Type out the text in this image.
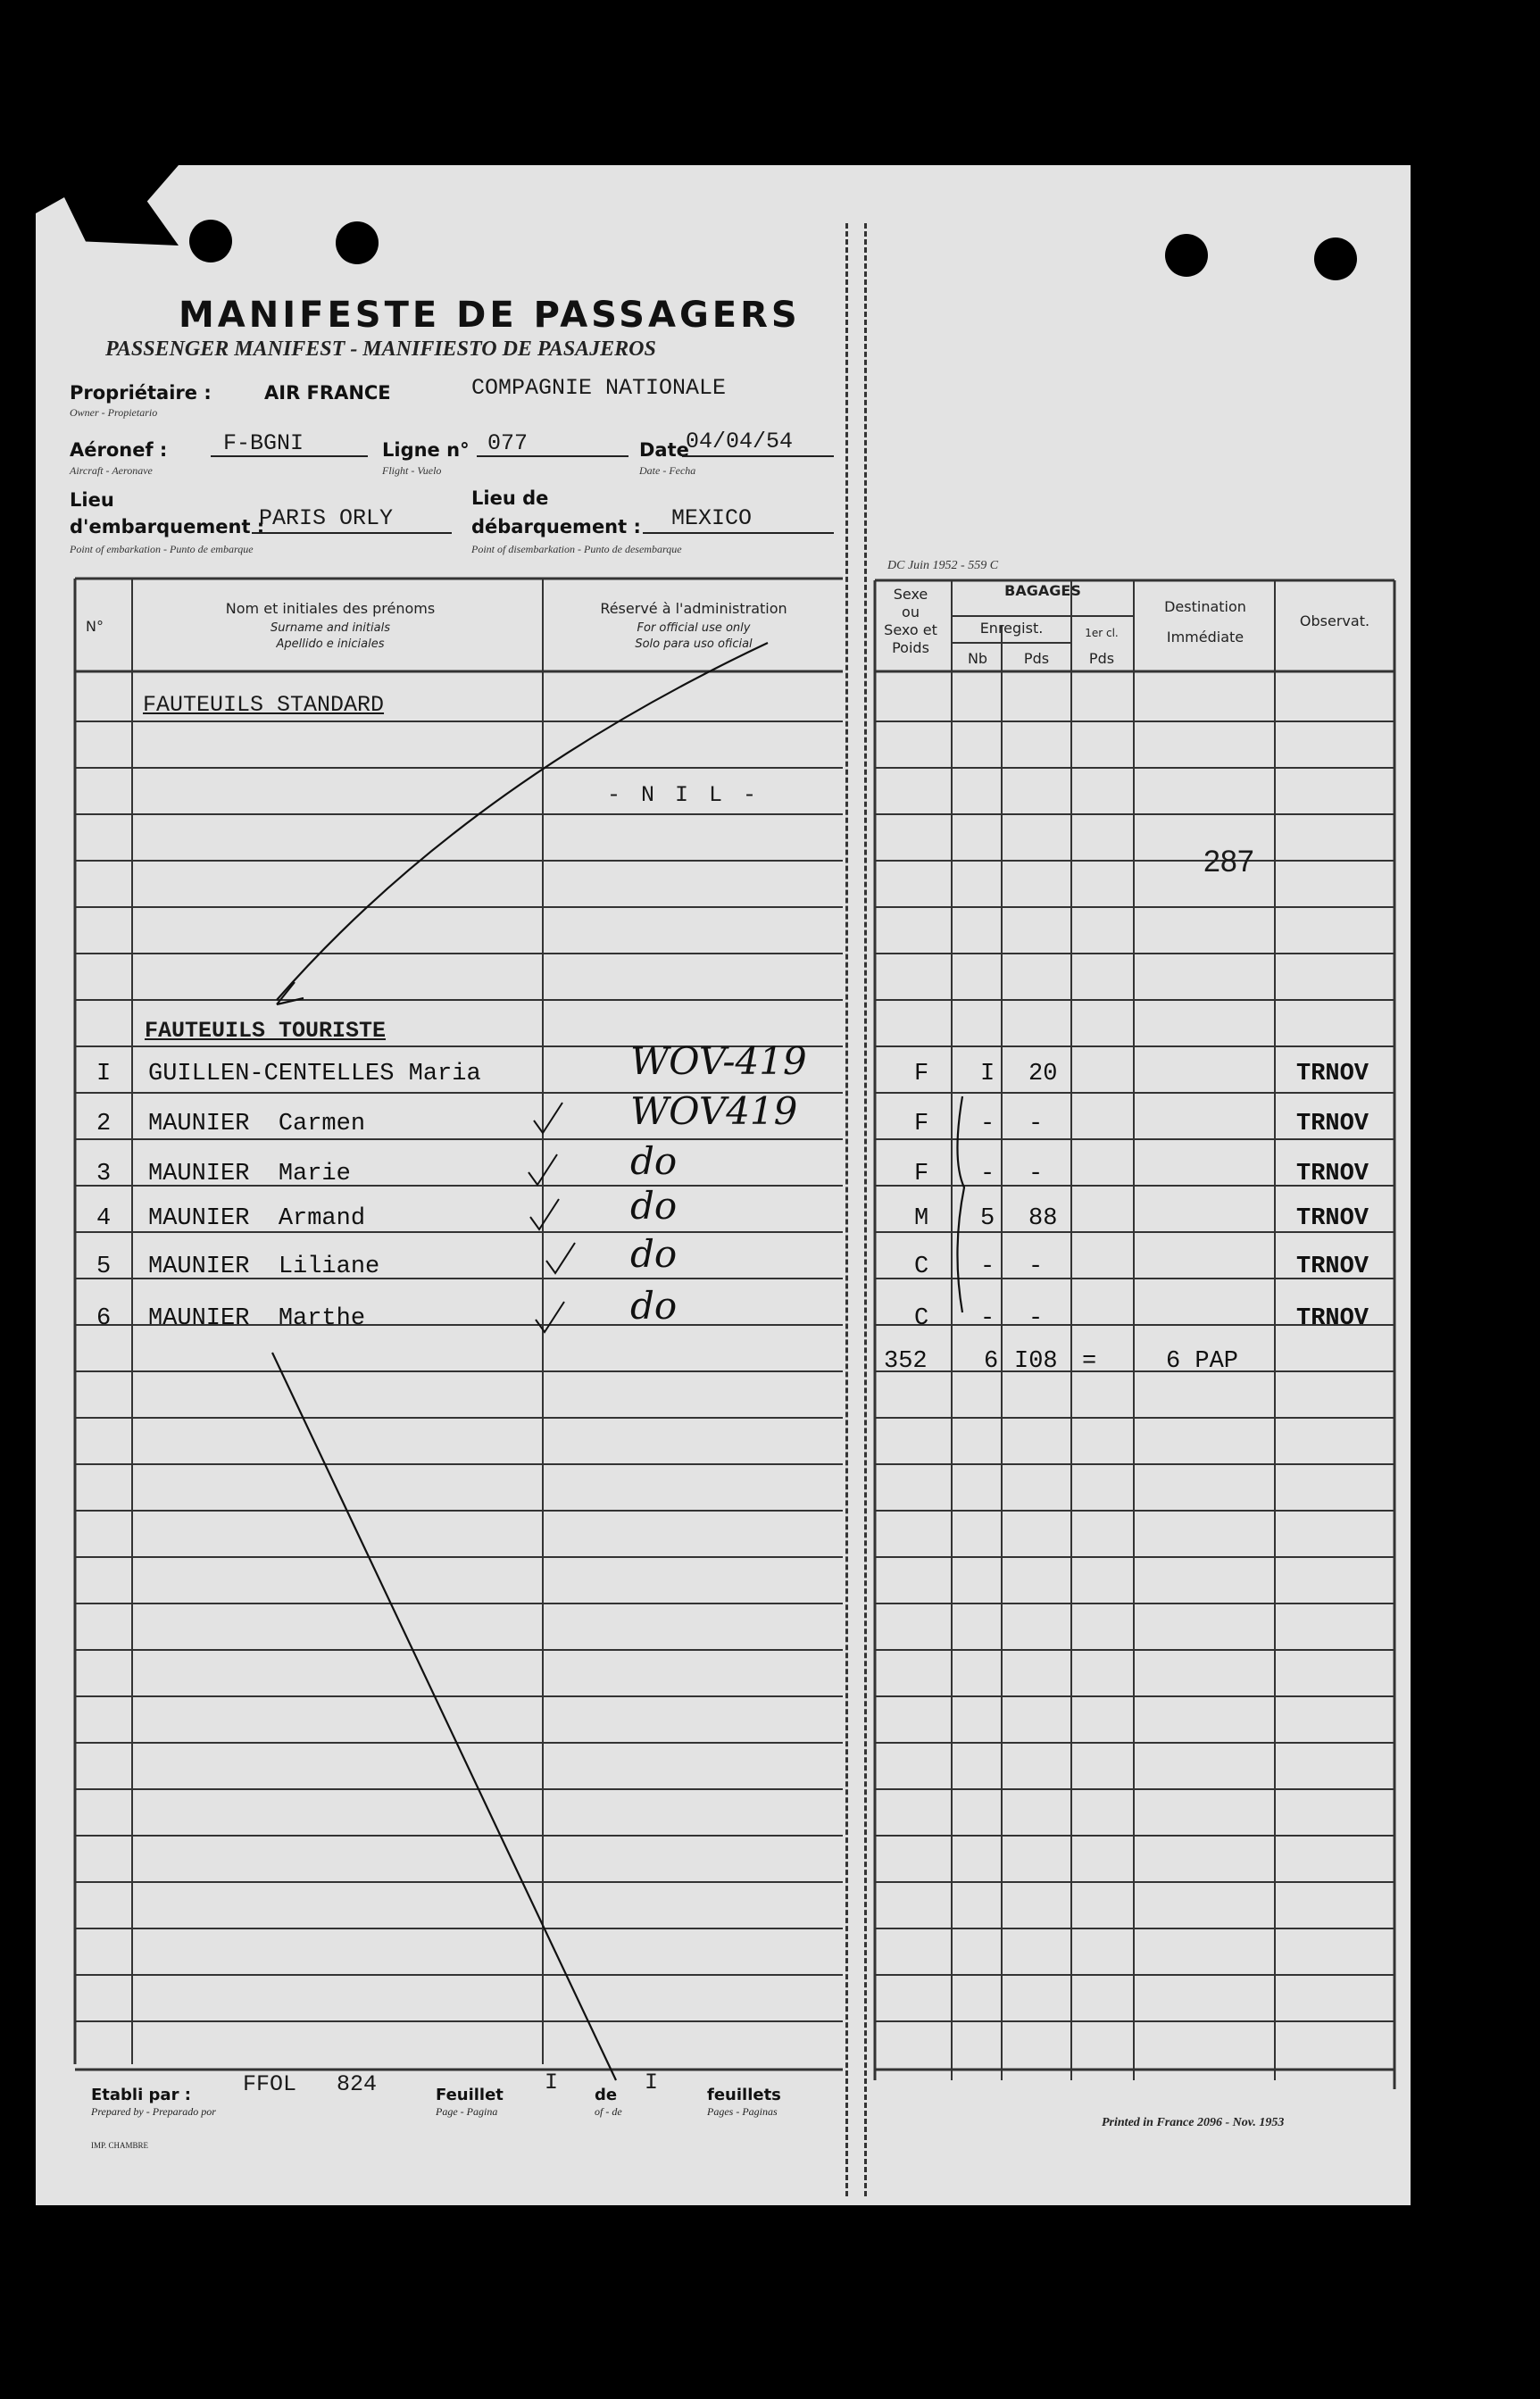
MANIFESTE DE PASSAGERS
PASSENGER MANIFEST - MANIFIESTO DE PASAJEROS
Propriétaire :
Owner - Propietario
AIR FRANCE	COMPAGNIE NATIONALE
Aéronef :
Aircraft - Aeronave
F-BGNI	Ligne n°
Flight - Vuelo
077	Date
Date - Fecha
04/04/54
Lieu
d'embarquement :
Point of embarkation - Punto de embarque
PARIS ORLY
Lieu de
débarquement :
Point of disembarkation - Punto de desembarque
MEXICO
DC Juin 1952 - 559 C
N°
Nom et initiales des prénoms
Surname and initials
Apellido e iniciales
Réservé à l'administration
For official use only
Solo para uso oficial
Sexe
ou
Sexo et
Poids
BAGAGES
Enregist.
Nb	Pds
1er cl.
Pds
Destination
Immédiate
Observat.
FAUTEUILS STANDARD
- N I L -
287
FAUTEUILS TOURISTE
I GUILLEN-CENTELLES Maria	WOV-419	F I 20	TRNOV
2 MAUNIER  Carmen	WOV419	F - -	TRNOV
3 MAUNIER  Marie	do	F - -	TRNOV
4 MAUNIER  Armand	do	M 5 88	TRNOV
5 MAUNIER  Liliane	do	C - -	TRNOV
6 MAUNIER  Marthe	do	C - -	TRNOV
352 6 I08 =	6 PAP
Etabli par :
Prepared by - Preparado por
FFOL   824	Feuillet
Page - Pagina
I de
of - de
I	feuillets
Pages - Paginas
IMP. CHAMBRE
Printed in France 2096 - Nov. 1953
